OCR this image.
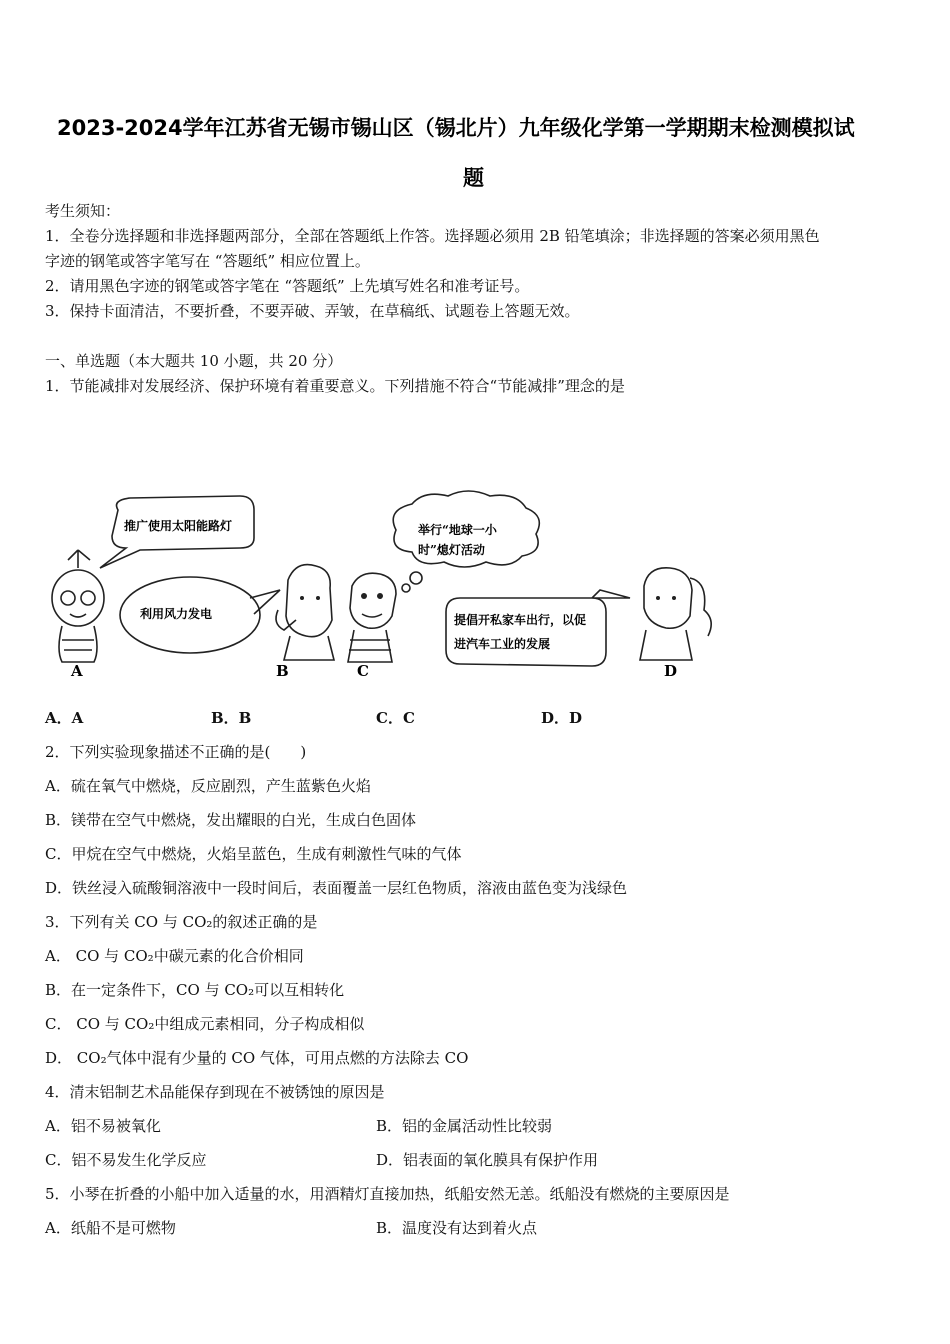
2023-2024学年江苏省无锡市锡山区（锡北片）九年级化学第一学期期末检测模拟试
题
考生须知：
1．全卷分选择题和非选择题两部分，全部在答题纸上作答。选择题必须用 2B 铅笔填涂；非选择题的答案必须用黑色
字迹的钢笔或答字笔写在 “答题纸” 相应位置上。
2．请用黑色字迹的钢笔或答字笔在 “答题纸” 上先填写姓名和准考证号。
3．保持卡面清洁，不要折叠，不要弄破、弄皱，在草稿纸、试题卷上答题无效。
一、单选题（本大题共 10 小题，共 20 分）
1．节能减排对发展经济、保护环境有着重要意义。下列措施不符合“节能减排”理念的是
推广使用太阳能路灯
利用风力发电
举行“地球一小
时”熄灯活动
提倡开私家车出行，以促
进汽车工业的发展
A	B	C	D
A．A	B．B	C．C	D．D
2．下列实验现象描述不正确的是(　　)
A．硫在氧气中燃烧，反应剧烈，产生蓝紫色火焰
B．镁带在空气中燃烧，发出耀眼的白光，生成白色固体
C．甲烷在空气中燃烧，火焰呈蓝色，生成有刺激性气味的气体
D．铁丝浸入硫酸铜溶液中一段时间后，表面覆盖一层红色物质，溶液由蓝色变为浅绿色
3．下列有关 CO 与 CO₂的叙述正确的是
A． CO 与 CO₂中碳元素的化合价相同
B．在一定条件下，CO 与 CO₂可以互相转化
C． CO 与 CO₂中组成元素相同，分子构成相似
D． CO₂气体中混有少量的 CO 气体，可用点燃的方法除去 CO
4．清末铝制艺术品能保存到现在不被锈蚀的原因是
A．铝不易被氧化	B．铝的金属活动性比较弱
C．铝不易发生化学反应	D．铝表面的氧化膜具有保护作用
5．小琴在折叠的小船中加入适量的水，用酒精灯直接加热，纸船安然无恙。纸船没有燃烧的主要原因是
A．纸船不是可燃物	B．温度没有达到着火点
